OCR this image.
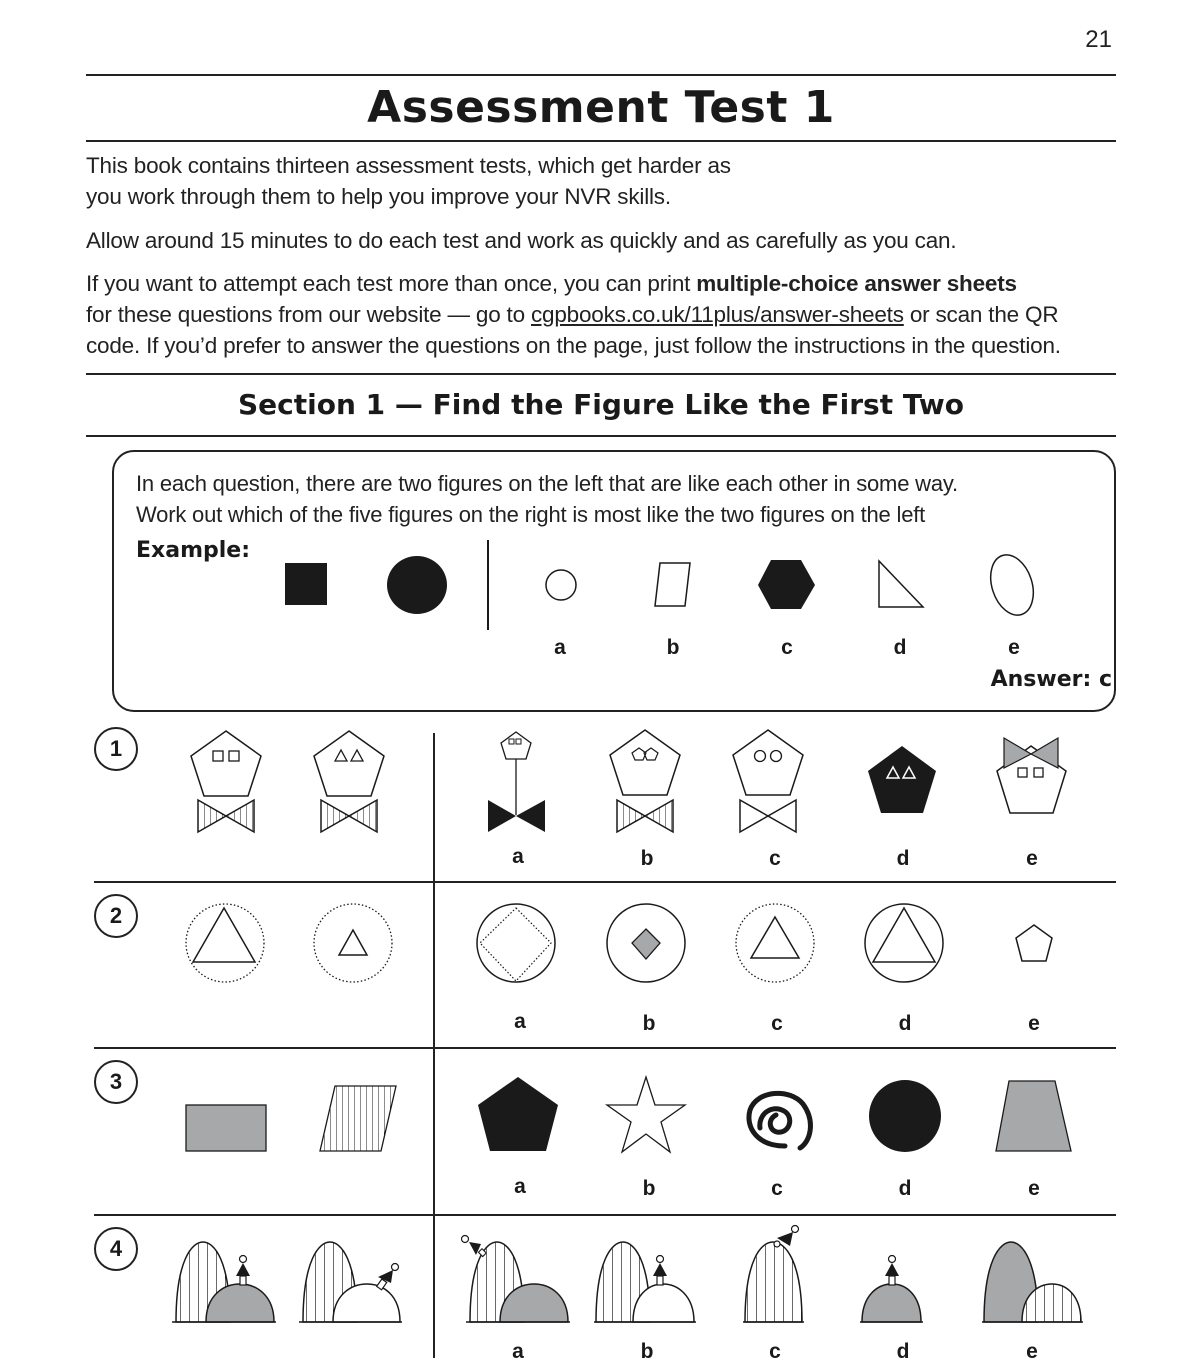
21
Assessment Test 1
This book contains thirteen assessment tests, which get harder as
you work through them to help you improve your NVR skills.
Allow around 15 minutes to do each test and work as quickly and as carefully as you can.
If you want to attempt each test more than once, you can print multiple-choice answer sheets
for these questions from our website — go to cgpbooks.co.uk/11plus/answer-sheets or scan the QR
code. If you’d prefer to answer the questions on the page, just follow the instructions in the question.
Section 1 — Find the Figure Like the First Two
In each question, there are two figures on the left that are like each other in some way.
Work out which of the five figures on the right is most like the two figures on the left
Example:
a	b	c	d	e
Answer: c
1
2
3
4
a	b	c	d	e
a	b	c	d	e
a	b	c	d	e
a	b	c	d	e
